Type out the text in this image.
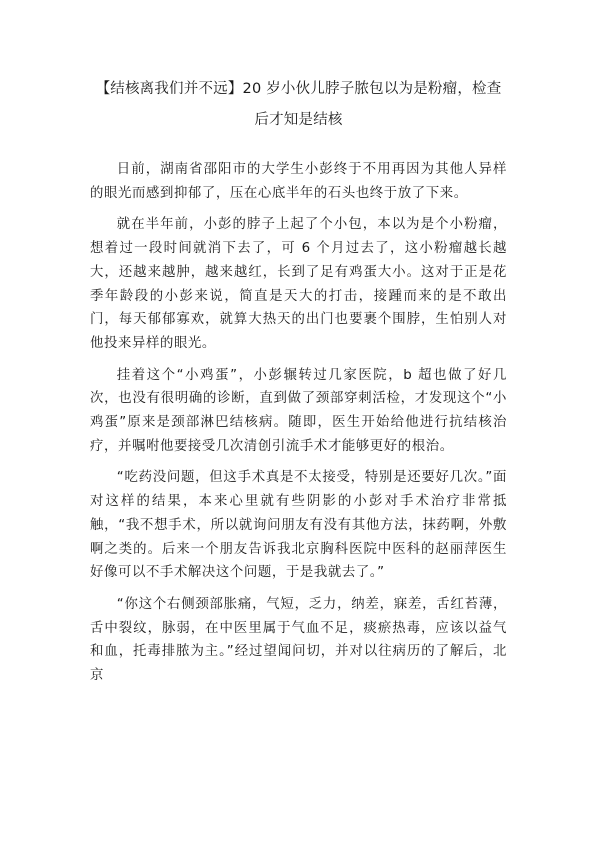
【结核离我们并不远】20 岁小伙儿脖子脓包以为是粉瘤，检查后才知是结核

日前，湖南省邵阳市的大学生小彭终于不用再因为其他人异样的眼光而感到抑郁了，压在心底半年的石头也终于放了下来。

就在半年前，小彭的脖子上起了个小包，本以为是个小粉瘤，想着过一段时间就消下去了，可 6 个月过去了，这小粉瘤越长越大，还越来越肿，越来越红，长到了足有鸡蛋大小。这对于正是花季年龄段的小彭来说，简直是天大的打击，接踵而来的是不敢出门，每天郁郁寡欢，就算大热天的出门也要裹个围脖，生怕别人对他投来异样的眼光。

挂着这个“小鸡蛋”，小彭辗转过几家医院，b 超也做了好几次，也没有很明确的诊断，直到做了颈部穿刺活检，才发现这个“小鸡蛋”原来是颈部淋巴结核病。随即，医生开始给他进行抗结核治疗，并嘱咐他要接受几次清创引流手术才能够更好的根治。

“吃药没问题，但这手术真是不太接受，特别是还要好几次。”面对这样的结果，本来心里就有些阴影的小彭对手术治疗非常抵触，“我不想手术，所以就询问朋友有没有其他方法，抹药啊，外敷啊之类的。后来一个朋友告诉我北京胸科医院中医科的赵丽萍医生好像可以不手术解决这个问题，于是我就去了。”

“你这个右侧颈部胀痛，气短，乏力，纳差，寐差，舌红苔薄，舌中裂纹，脉弱，在中医里属于气血不足，痰瘀热毒，应该以益气和血，托毒排脓为主。”经过望闻问切，并对以往病历的了解后，北京
